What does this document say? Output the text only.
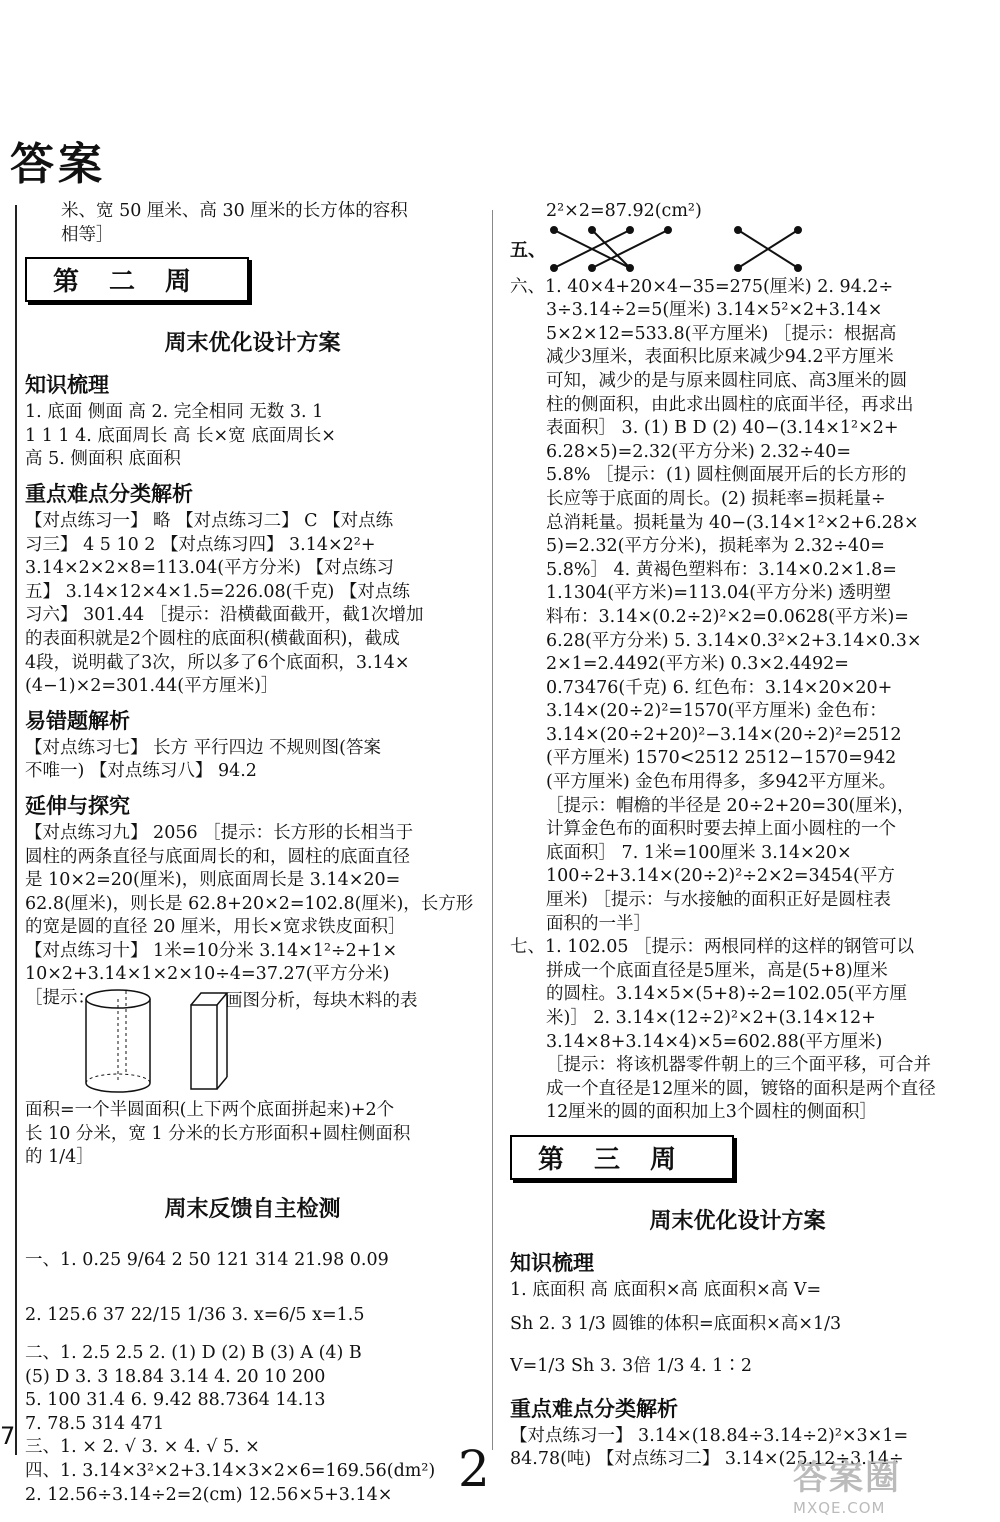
答案
米、宽 50 厘米、高 30 厘米的长方体的容积
相等］
第二周
周末优化设计方案
知识梳理
1. 底面 侧面 高 2. 完全相同 无数 3. 1
1 1 1 4. 底面周长 高 长×宽 底面周长×
高 5. 侧面积 底面积
重点难点分类解析
【对点练习一】 略 【对点练习二】 C 【对点练
习三】 4 5 10 2 【对点练习四】 3.14×2²+
3.14×2×2×8=113.04(平方分米) 【对点练习
五】 3.14×12×4×1.5=226.08(千克) 【对点练
习六】 301.44 ［提示：沿横截面截开，截1次增加
的表面积就是2个圆柱的底面积(横截面积)，截成
4段，说明截了3次，所以多了6个底面积，3.14×
(4−1)×2=301.44(平方厘米)］
易错题解析
【对点练习七】 长方 平行四边 不规则图(答案
不唯一) 【对点练习八】 94.2
延伸与探究
【对点练习九】 2056 ［提示：长方形的长相当于
圆柱的两条直径与底面周长的和，圆柱的底面直径
是 10×2=20(厘米)，则底面周长是 3.14×20=
62.8(厘米)，则长是 62.8+20×2=102.8(厘米)，长方形
的宽是圆的直径 20 厘米，用长×宽求铁皮面积］
【对点练习十】 1米=10分米 3.14×1²÷2+1×
10×2+3.14×1×2×10÷4=37.27(平方分米)
［提示：	画图分析，每块木料的表
面积=一个半圆面积(上下两个底面拼起来)+2个
长 10 分米，宽 1 分米的长方形面积+圆柱侧面积
的 1/4］
周末反馈自主检测
一、1. 0.25 9/64 2 50 121 314 21.98 0.09
2. 125.6 37 22/15 1/36 3. x=6/5 x=1.5
二、1. 2.5 2.5 2. (1) D (2) B (3) A (4) B
(5) D 3. 3 18.84 3.14 4. 20 10 200
5. 100 31.4 6. 9.42 88.7364 14.13
7. 78.5 314 471
三、1. × 2. √ 3. × 4. √ 5. ×
四、1. 3.14×3²×2+3.14×3×2×6=169.56(dm²)
2. 12.56÷3.14÷2=2(cm) 12.56×5+3.14×
2²×2=87.92(cm²)
五、
六、1. 40×4+20×4−35=275(厘米) 2. 94.2÷
3÷3.14÷2=5(厘米) 3.14×5²×2+3.14×
5×2×12=533.8(平方厘米) ［提示：根据高
减少3厘米，表面积比原来减少94.2平方厘米
可知，减少的是与原来圆柱同底、高3厘米的圆
柱的侧面积，由此求出圆柱的底面半径，再求出
表面积］ 3. (1) B D (2) 40−(3.14×1²×2+
6.28×5)=2.32(平方分米) 2.32÷40=
5.8% ［提示：(1) 圆柱侧面展开后的长方形的
长应等于底面的周长。(2) 损耗率=损耗量÷
总消耗量。损耗量为 40−(3.14×1²×2+6.28×
5)=2.32(平方分米)，损耗率为 2.32÷40=
5.8%］ 4. 黄褐色塑料布：3.14×0.2×1.8=
1.1304(平方米)=113.04(平方分米) 透明塑
料布：3.14×(0.2÷2)²×2=0.0628(平方米)=
6.28(平方分米) 5. 3.14×0.3²×2+3.14×0.3×
2×1=2.4492(平方米) 0.3×2.4492=
0.73476(千克) 6. 红色布：3.14×20×20+
3.14×(20÷2)²=1570(平方厘米) 金色布：
3.14×(20÷2+20)²−3.14×(20÷2)²=2512
(平方厘米) 1570<2512 2512−1570=942
(平方厘米) 金色布用得多，多942平方厘米。
［提示：帽檐的半径是 20÷2+20=30(厘米)，
计算金色布的面积时要去掉上面小圆柱的一个
底面积］ 7. 1米=100厘米 3.14×20×
100÷2+3.14×(20÷2)²÷2×2=3454(平方
厘米) ［提示：与水接触的面积正好是圆柱表
面积的一半］
七、1. 102.05 ［提示：两根同样的这样的钢管可以
拼成一个底面直径是5厘米，高是(5+8)厘米
的圆柱。3.14×5×(5+8)÷2=102.05(平方厘
米)］ 2. 3.14×(12÷2)²×2+(3.14×12+
3.14×8+3.14×4)×5=602.88(平方厘米)
［提示：将该机器零件朝上的三个面平移，可合并
成一个直径是12厘米的圆，镀铬的面积是两个直径
12厘米的圆的面积加上3个圆柱的侧面积］
第三周
周末优化设计方案
知识梳理
1. 底面积 高 底面积×高 底面积×高 V=
Sh 2. 3 1/3 圆锥的体积=底面积×高×1/3
V=1/3 Sh 3. 3倍 1/3 4. 1∶2
重点难点分类解析
【对点练习一】 3.14×(18.84÷3.14÷2)²×3×1=
84.78(吨) 【对点练习二】 3.14×(25.12÷3.14÷
7
2	答案圈
MXQE.COM
